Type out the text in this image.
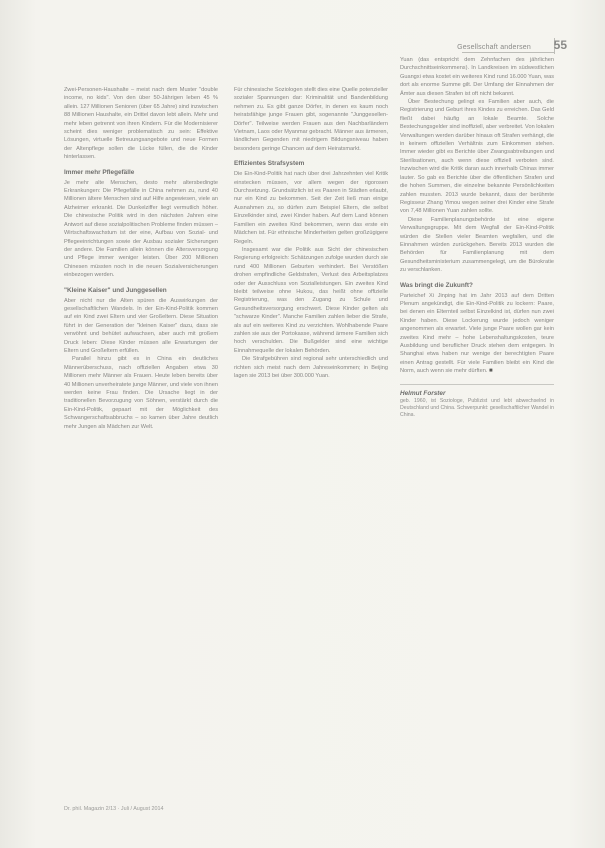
Gesellschaft andersen 55

Zwei-Personen-Haushalte – meist nach dem Muster "double income, no kids". Von den über 50-Jährigen leben 45 % allein. 127 Millionen Senioren (über 65 Jahre) sind inzwischen 88 Millionen Haushalte, ein Drittel davon lebt allein. Mehr und mehr leben getrennt von ihren Kindern. Für die Modernisierer scheint dies weniger problematisch zu sein: Effektive Lösungen, virtuelle Betreuungsangebote und neue Formen der Altenpflege sollen die Lücke füllen, die die Kinder hinterlassen.

Immer mehr Pflegefälle

Je mehr alte Menschen, desto mehr altersbedingte Erkrankungen: Die Pflegefälle in China nehmen zu, rund 40 Millionen ältere Menschen sind auf Hilfe angewiesen, viele an Alzheimer erkrankt. Die Dunkelziffer liegt vermutlich höher. Die chinesische Politik wird in den nächsten Jahren eine Antwort auf diese sozialpolitischen Probleme finden müssen – Wirtschaftswachstum ist der eine, Aufbau von Sozial- und Pflegeeinrichtungen sowie der Ausbau sozialer Sicherungen der andere. Die Familien allein können die Altersversorgung und Pflege immer weniger leisten. Über 200 Millionen Chinesen müssten noch in die neuen Sozialversicherungen einbezogen werden.

"Kleine Kaiser" und Junggesellen

Aber nicht nur die Alten spüren die Auswirkungen der gesellschaftlichen Wandels. In der Ein-Kind-Politik kommen auf ein Kind zwei Eltern und vier Großeltern. Diese Situation führt in der Generation der "kleinen Kaiser" dazu, dass sie verwöhnt und behütet aufwachsen, aber auch mit großem Druck leben: Diese Kinder müssen alle Erwartungen der Eltern und Großeltern erfüllen.

Parallel hinzu gibt es in China ein deutliches Männerüberschuss, nach offiziellen Angaben etwa 30 Millionen mehr Männer als Frauen. Heute leben bereits über 40 Millionen unverheiratete junge Männer, und viele von ihnen werden keine Frau finden. Die Ursache liegt in der traditionellen Bevorzugung von Söhnen, verstärkt durch die Ein-Kind-Politik, gepaart mit der Möglichkeit des Schwangerschaftsabbruchs – so kamen über Jahre deutlich mehr Jungen als Mädchen zur Welt.

Für chinesische Soziologen stellt dies eine Quelle potenzieller sozialer Spannungen dar: Kriminalität und Bandenbildung nehmen zu. Es gibt ganze Dörfer, in denen es kaum noch heiratsfähige junge Frauen gibt, sogenannte "Junggesellen-Dörfer". Teilweise werden Frauen aus den Nachbarländern Vietnam, Laos oder Myanmar gebracht. Männer aus ärmeren, ländlichen Gegenden mit niedrigem Bildungsniveau haben besonders geringe Chancen auf dem Heiratsmarkt.

Effizientes Strafsystem

Die Ein-Kind-Politik hat nach über drei Jahrzehnten viel Kritik einstecken müssen, vor allem wegen der rigorosen Durchsetzung. Grundsätzlich ist es Paaren in Städten erlaubt, nur ein Kind zu bekommen. Seit der Zeit ließ man einige Ausnahmen zu, so dürfen zum Beispiel Eltern, die selbst Einzelkinder sind, zwei Kinder haben. Auf dem Land können Familien ein zweites Kind bekommen, wenn das erste ein Mädchen ist. Für ethnische Minderheiten gelten großzügigere Regeln.

Insgesamt war die Politik aus Sicht der chinesischen Regierung erfolgreich: Schätzungen zufolge wurden durch sie rund 400 Millionen Geburten verhindert. Bei Verstößen drohen empfindliche Geldstrafen, Verlust des Arbeitsplatzes oder der Ausschluss von Sozialleistungen. Ein zweites Kind bleibt teilweise ohne Hukou, das heißt ohne offizielle Registrierung, was den Zugang zu Schule und Gesundheitsversorgung erschwert. Diese Kinder gelten als "schwarze Kinder". Manche Familien zahlen lieber die Strafe, als auf ein weiteres Kind zu verzichten. Wohlhabende Paare zahlen sie aus der Portokasse, während ärmere Familien sich hoch verschulden. Die Bußgelder sind eine wichtige Einnahmequelle der lokalen Behörden.

Die Strafgebühren sind regional sehr unterschiedlich und richten sich meist nach dem Jahreseinkommen; in Beijing lagen sie 2013 bei über 300.000 Yuan.

Yuan (das entspricht dem Zehnfachen des jährlichen Durchschnittseinkommens). In Landkreisen im südwestlichen Guangxi etwa kostet ein weiteres Kind rund 16.000 Yuan, was dort als enorme Summe gilt. Der Umfang der Einnahmen der Ämter aus diesen Strafen ist oft nicht bekannt.

Über Bestechung gelingt es Familien aber auch, die Registrierung und Geburt ihres Kindes zu erreichen. Das Geld fließt dabei häufig an lokale Beamte. Solche Bestechungsgelder sind inoffiziell, aber verbreitet. Von lokalen Verwaltungen werden darüber hinaus oft Strafen verhängt, die in keinem offiziellen Verhältnis zum Einkommen stehen. Immer wieder gibt es Berichte über Zwangsabtreibungen und Sterilisationen, auch wenn diese offiziell verboten sind. Inzwischen wird die Kritik daran auch innerhalb Chinas immer lauter. So gab es Berichte über die öffentlichen Strafen und die hohen Summen, die einzelne bekannte Persönlichkeiten zahlen mussten. 2013 wurde bekannt, dass der berühmte Regisseur Zhang Yimou wegen seiner drei Kinder eine Strafe von 7,48 Millionen Yuan zahlen sollte.

Diese Familienplanungsbehörde ist eine eigene Verwaltungsgruppe. Mit dem Wegfall der Ein-Kind-Politik würden die Stellen vieler Beamten wegfallen, und die Einnahmen würden zurückgehen. Bereits 2013 wurden die Behörden für Familienplanung mit dem Gesundheitsministerium zusammengelegt, um die Bürokratie zu verschlanken.

Was bringt die Zukunft?

Parteichef Xi Jinping hat im Jahr 2013 auf dem Dritten Plenum angekündigt, die Ein-Kind-Politik zu lockern: Paare, bei denen ein Elternteil selbst Einzelkind ist, dürfen nun zwei Kinder haben. Diese Lockerung wurde jedoch weniger angenommen als erwartet. Viele junge Paare wollen gar kein zweites Kind mehr – hohe Lebenshaltungskosten, teure Ausbildung und beruflicher Druck stehen dem entgegen. In Shanghai etwa haben nur wenige der berechtigten Paare einen Antrag gestellt. Für viele Familien bleibt ein Kind die Norm, auch wenn sie mehr dürften. ■

Helmut Forster
geb. 1960, ist Soziologe, Publizist und lebt abwechselnd in Deutschland und China. Schwerpunkt: gesellschaftlicher Wandel in China.
Dr. phil. Magazin 2/13 · Juli / August 2014
